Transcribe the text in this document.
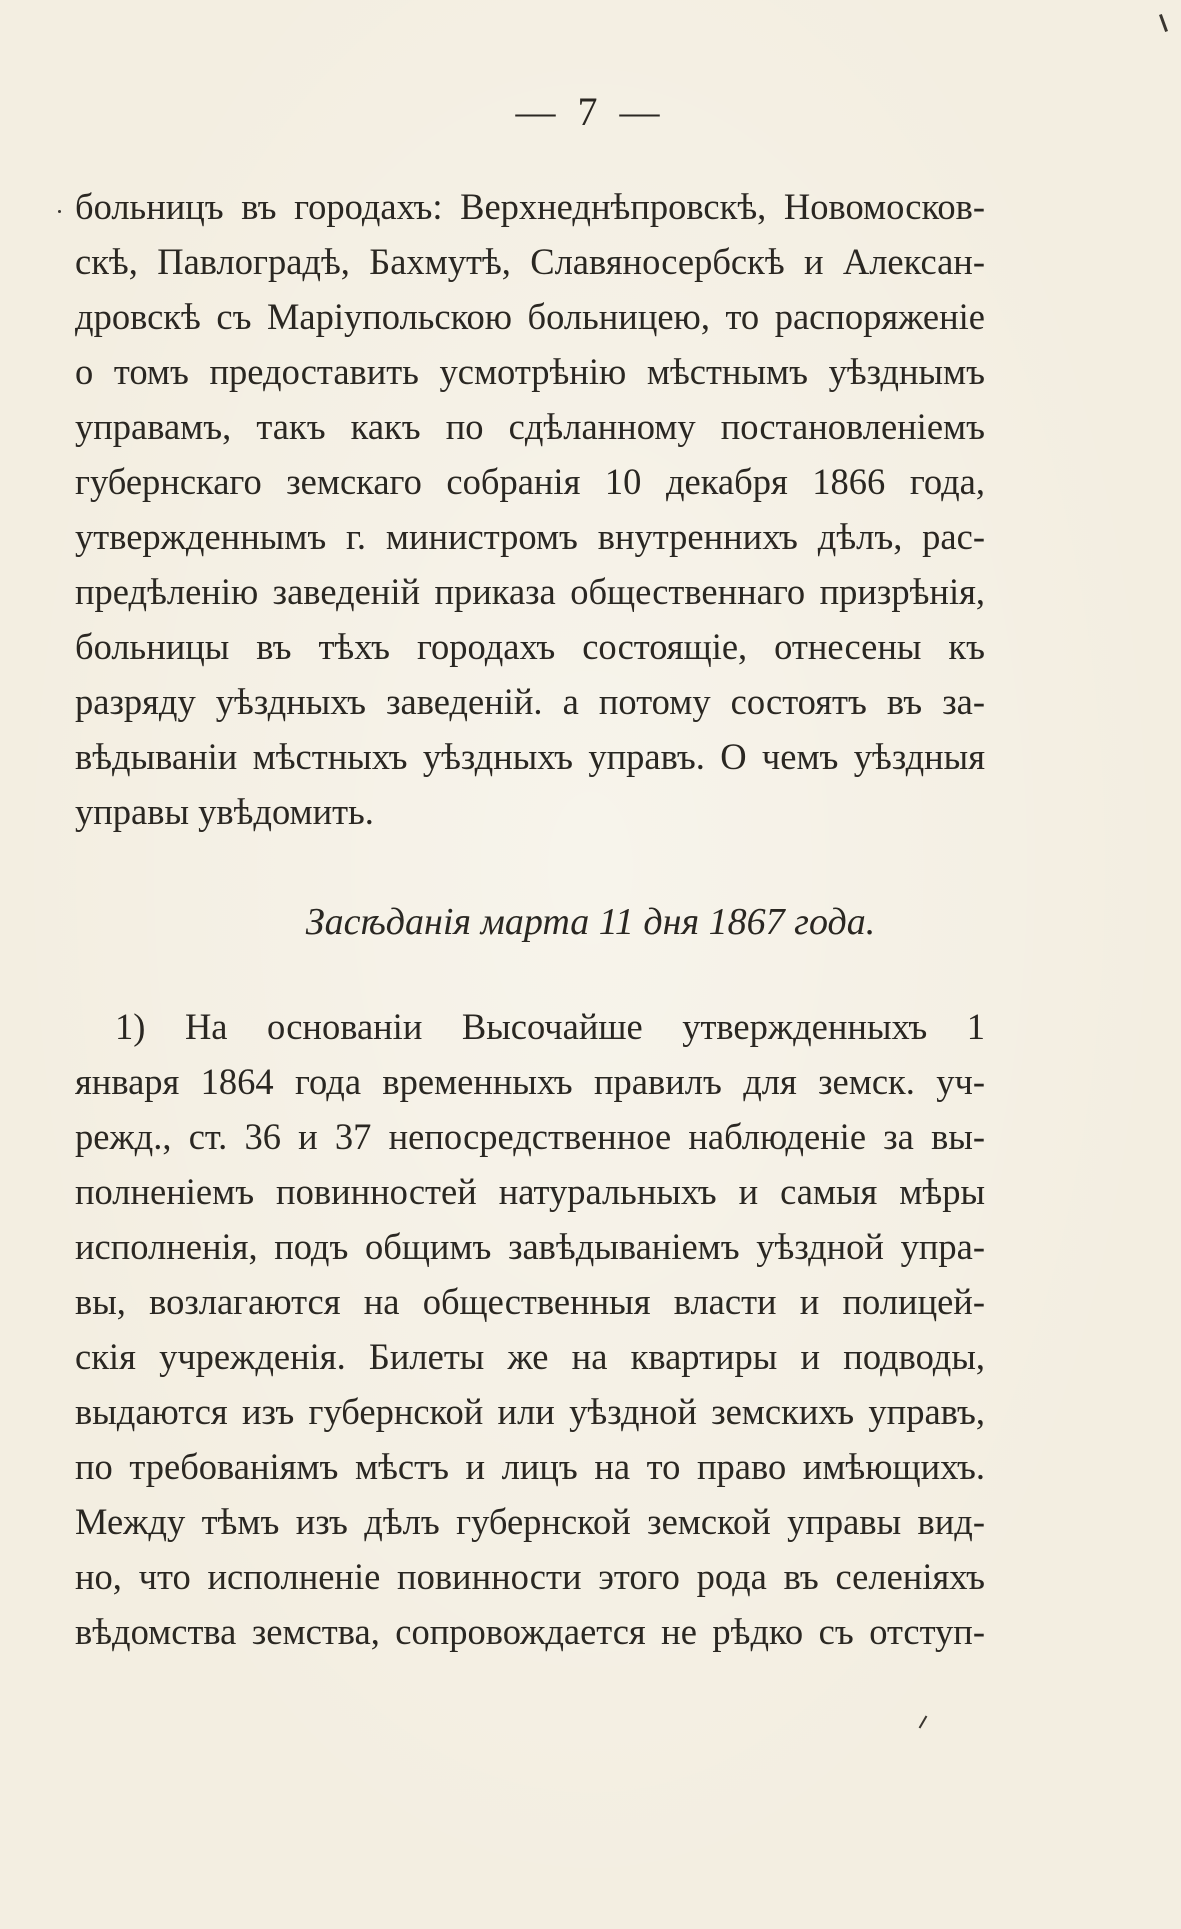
— 7 —
больницъ въ городахъ: Верхнеднѣпровскѣ, Новомосков-
скѣ, Павлоградѣ, Бахмутѣ, Славяносербскѣ и Алексан-
дровскѣ съ Маріупольскою больницею, то распоряженіе
о томъ предоставить усмотрѣнію мѣстнымъ уѣзднымъ
управамъ, такъ какъ по сдѣланному постановленіемъ
губернскаго земскаго собранія 10 декабря 1866 года,
утвержденнымъ г. министромъ внутреннихъ дѣлъ, рас-
предѣленію заведеній приказа общественнаго призрѣнія,
больницы въ тѣхъ городахъ состоящіе, отнесены къ
разряду уѣздныхъ заведеній. а потому состоятъ въ за-
вѣдываніи мѣстныхъ уѣздныхъ управъ. О чемъ уѣздныя
управы увѣдомить.
Засѣданія марта 11 дня 1867 года.
1) На основаніи Высочайше утвержденныхъ 1
января 1864 года временныхъ правилъ для земск. уч-
режд., ст. 36 и 37 непосредственное наблюденіе за вы-
полненіемъ повинностей натуральныхъ и самыя мѣры
исполненія, подъ общимъ завѣдываніемъ уѣздной упра-
вы, возлагаются на общественныя власти и полицей-
скія учрежденія. Билеты же на квартиры и подводы,
выдаются изъ губернской или уѣздной земскихъ управъ,
по требованіямъ мѣстъ и лицъ на то право имѣющихъ.
Между тѣмъ изъ дѣлъ губернской земской управы вид-
но, что исполненіе повинности этого рода въ селеніяхъ
вѣдомства земства, сопровождается не рѣдко съ отступ-
